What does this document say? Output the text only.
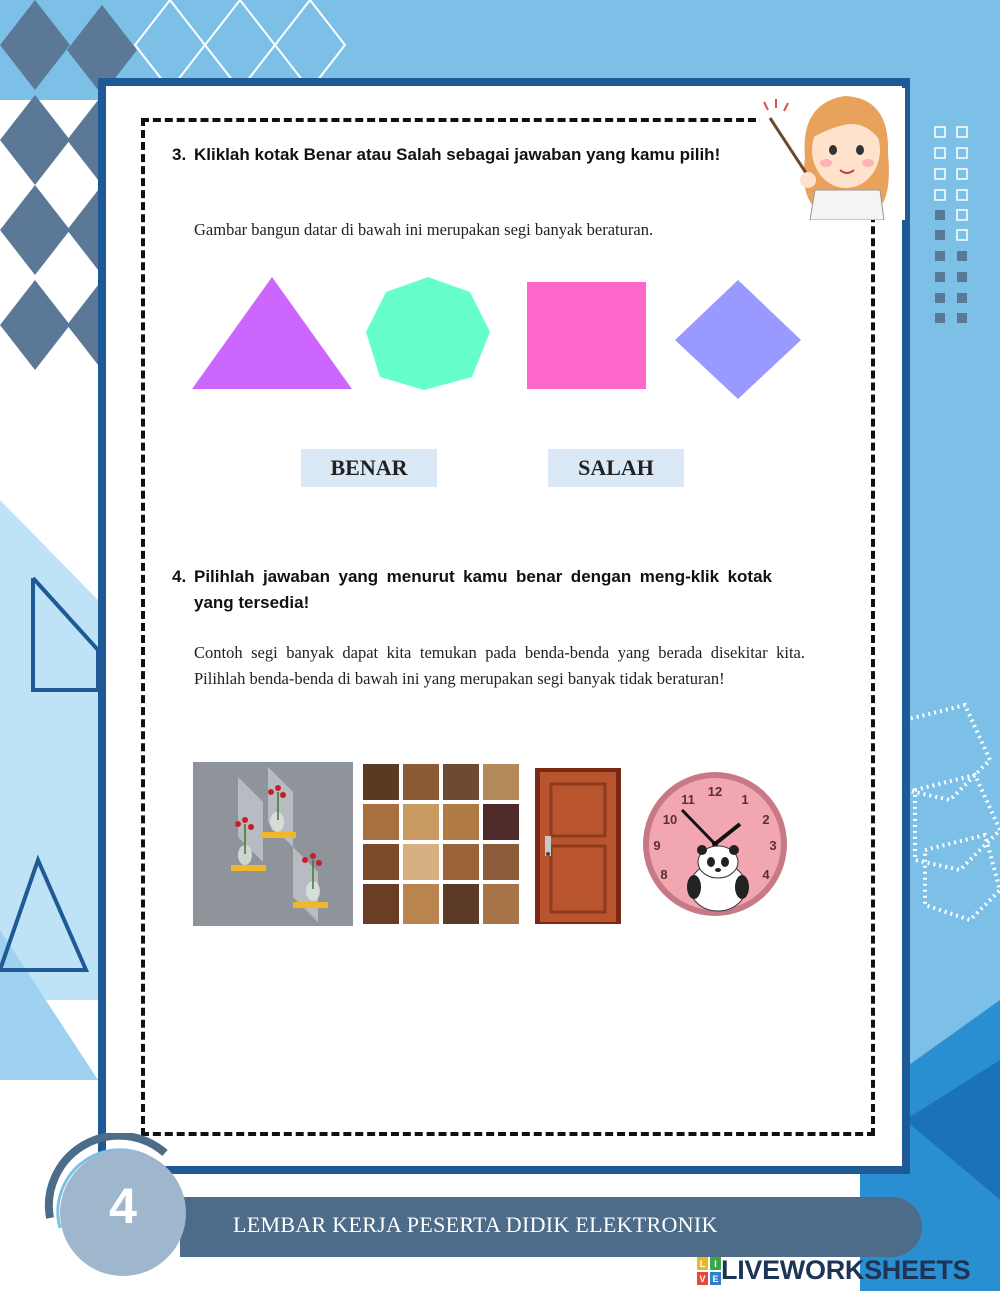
3. Kliklah kotak Benar atau Salah sebagai jawaban yang kamu pilih!
Gambar bangun datar di bawah ini merupakan segi banyak beraturan.
BENAR	SALAH
4. Pilihlah jawaban yang menurut kamu benar dengan meng-klik kotak yang tersedia!
Contoh segi banyak dapat kita temukan pada benda-benda yang berada disekitar kita. Pilihlah benda-benda di bawah ini yang merupakan segi banyak tidak beraturan!
12
1
2
3
4
8
9
10
11
4	LEMBAR KERJA PESERTA DIDIK ELEKTRONIK
L I
V E LIVEWORKSHEETS
